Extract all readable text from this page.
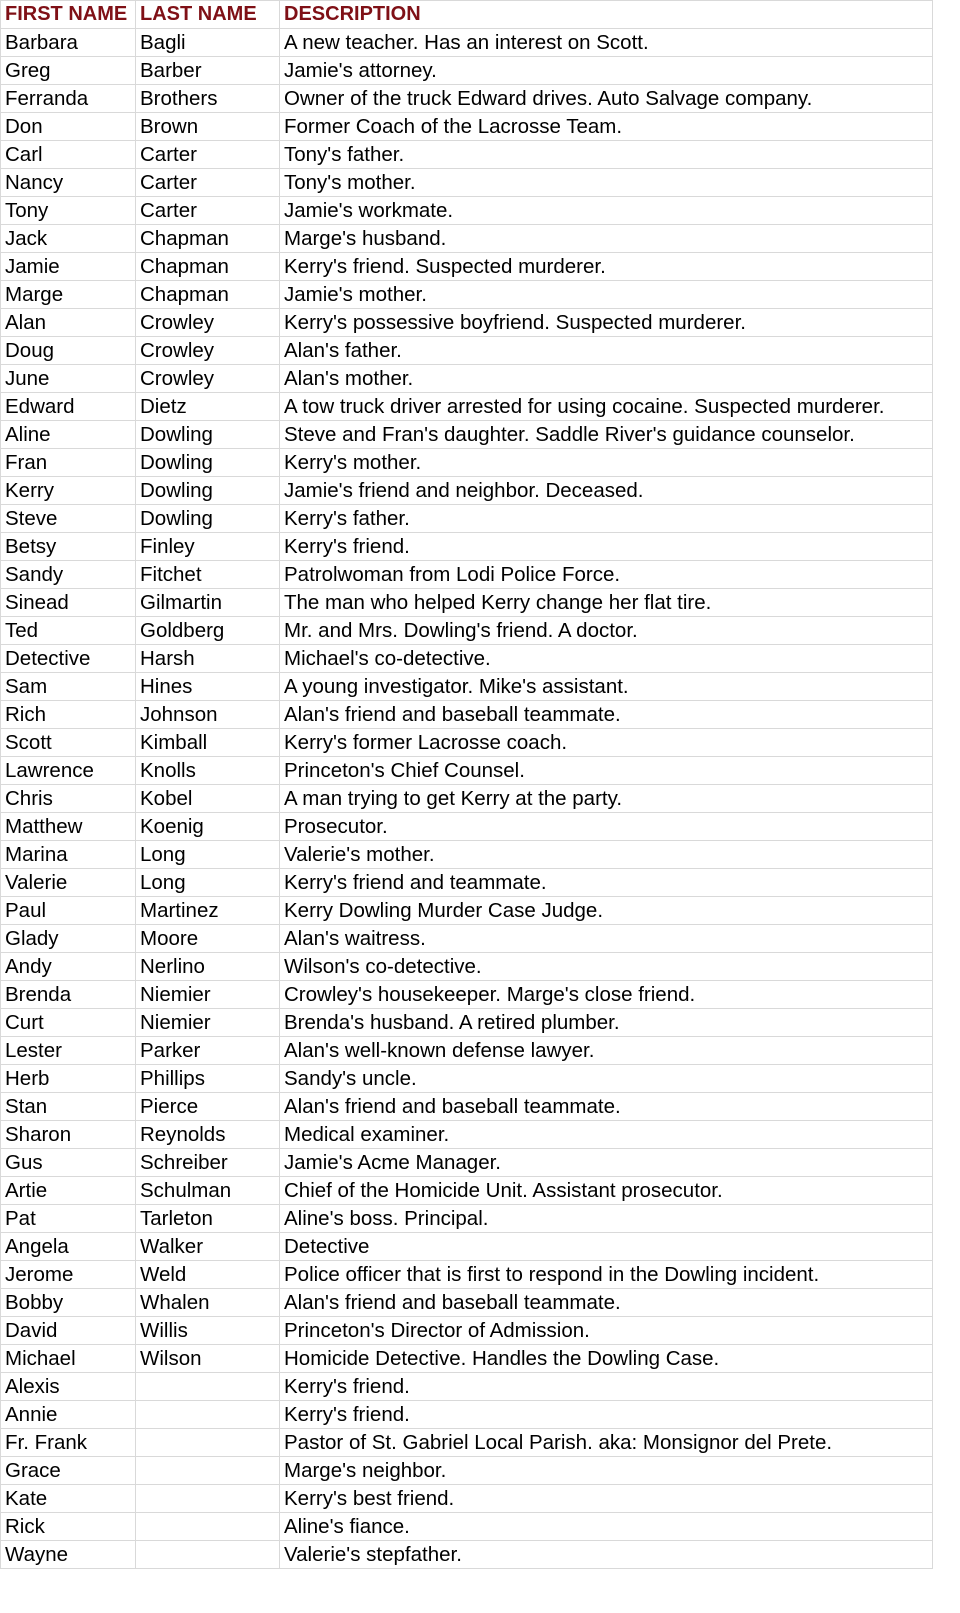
FIRST NAME	LAST NAME	DESCRIPTION
Barbara	Bagli	A new teacher. Has an interest on Scott.
Greg	Barber	Jamie's attorney.
Ferranda	Brothers	Owner of the truck Edward drives. Auto Salvage company.
Don	Brown	Former Coach of the Lacrosse Team.
Carl	Carter	Tony's father.
Nancy	Carter	Tony's mother.
Tony	Carter	Jamie's workmate.
Jack	Chapman	Marge's husband.
Jamie	Chapman	Kerry's friend. Suspected murderer.
Marge	Chapman	Jamie's mother.
Alan	Crowley	Kerry's possessive boyfriend. Suspected murderer.
Doug	Crowley	Alan's father.
June	Crowley	Alan's mother.
Edward	Dietz	A tow truck driver arrested for using cocaine. Suspected murderer.
Aline	Dowling	Steve and Fran's daughter. Saddle River's guidance counselor.
Fran	Dowling	Kerry's mother.
Kerry	Dowling	Jamie's friend and neighbor. Deceased.
Steve	Dowling	Kerry's father.
Betsy	Finley	Kerry's friend.
Sandy	Fitchet	Patrolwoman from Lodi Police Force.
Sinead	Gilmartin	The man who helped Kerry change her flat tire.
Ted	Goldberg	Mr. and Mrs. Dowling's friend. A doctor.
Detective	Harsh	Michael's co-detective.
Sam	Hines	A young investigator. Mike's assistant.
Rich	Johnson	Alan's friend and baseball teammate.
Scott	Kimball	Kerry's former Lacrosse coach.
Lawrence	Knolls	Princeton's Chief Counsel.
Chris	Kobel	A man trying to get Kerry at the party.
Matthew	Koenig	Prosecutor.
Marina	Long	Valerie's mother.
Valerie	Long	Kerry's friend and teammate.
Paul	Martinez	Kerry Dowling Murder Case Judge.
Glady	Moore	Alan's waitress.
Andy	Nerlino	Wilson's co-detective.
Brenda	Niemier	Crowley's housekeeper. Marge's close friend.
Curt	Niemier	Brenda's husband. A retired plumber.
Lester	Parker	Alan's well-known defense lawyer.
Herb	Phillips	Sandy's uncle.
Stan	Pierce	Alan's friend and baseball teammate.
Sharon	Reynolds	Medical examiner.
Gus	Schreiber	Jamie's Acme Manager.
Artie	Schulman	Chief of the Homicide Unit. Assistant prosecutor.
Pat	Tarleton	Aline's boss. Principal.
Angela	Walker	Detective
Jerome	Weld	Police officer that is first to respond in the Dowling incident.
Bobby	Whalen	Alan's friend and baseball teammate.
David	Willis	Princeton's Director of Admission.
Michael	Wilson	Homicide Detective. Handles the Dowling Case.
Alexis		Kerry's friend.
Annie		Kerry's friend.
Fr. Frank		Pastor of St. Gabriel Local Parish. aka: Monsignor del Prete.
Grace		Marge's neighbor.
Kate		Kerry's best friend.
Rick		Aline's fiance.
Wayne		Valerie's stepfather.
